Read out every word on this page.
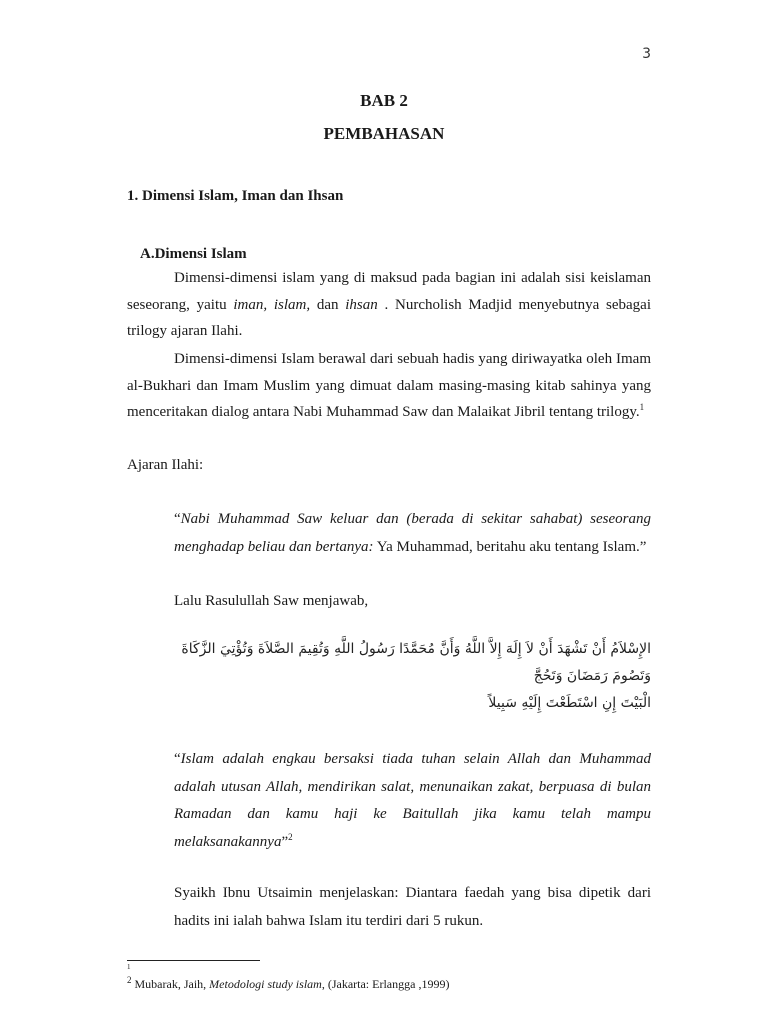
3
BAB 2
PEMBAHASAN
1. Dimensi Islam, Iman dan Ihsan
A.Dimensi Islam
Dimensi-dimensi islam yang di maksud pada bagian ini adalah sisi keislaman seseorang, yaitu iman, islam, dan ihsan . Nurcholish Madjid menyebutnya sebagai trilogy ajaran Ilahi.
Dimensi-dimensi Islam berawal dari sebuah hadis yang diriwayatka oleh Imam al-Bukhari dan Imam Muslim yang dimuat dalam masing-masing kitab sahinya yang menceritakan dialog antara Nabi Muhammad Saw dan Malaikat Jibril tentang trilogy.$^1$
Ajaran Ilahi:
“Nabi Muhammad Saw keluar dan (berada di sekitar sahabat) seseorang menghadap beliau dan bertanya: Ya Muhammad, beritahu aku tentang Islam.”
Lalu Rasulullah Saw menjawab,
الإِسْلاَمُ أَنْ تَشْهَدَ أَنْ لاَ إِلَهَ إِلاَّ اللَّهُ وَأَنَّ مُحَمَّدًا رَسُولُ اللَّهِ وَتُقِيمَ الصَّلاَةَ وَتُؤْتِيَ الزَّكَاةَ وَتَصُومَ رَمَضَانَ وَتَحُجَّ
الْبَيْتَ إِنِ اسْتَطَعْتَ إِلَيْهِ سَبِيلاً
“Islam adalah engkau bersaksi tiada tuhan selain Allah dan Muhammad adalah utusan Allah, mendirikan salat, menunaikan zakat, berpuasa di bulan Ramadan dan kamu haji ke Baitullah jika kamu telah mampu melaksanakannya”$^2$
Syaikh Ibnu Utsaimin menjelaskan: Diantara faedah yang bisa dipetik dari hadits ini ialah bahwa Islam itu terdiri dari 5 rukun.
1
$^2$ Mubarak, Jaih, Metodologi study islam, (Jakarta: Erlangga ,1999)
